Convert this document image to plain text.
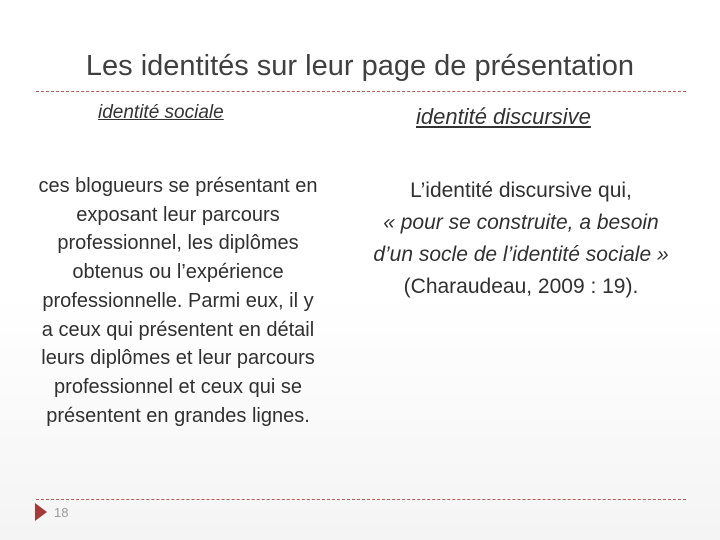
Les identités sur leur page de présentation
identité sociale	identité discursive
ces blogueurs se présentant en exposant leur parcours professionnel, les diplômes obtenus ou l’expérience professionnelle. Parmi eux, il y a ceux qui présentent en détail leurs diplômes et leur parcours professionnel et ceux qui se présentent en grandes lignes.
L’identité discursive qui,
« pour se construite, a besoin d’un socle de l’identité sociale »
(Charaudeau, 2009 : 19).
18
